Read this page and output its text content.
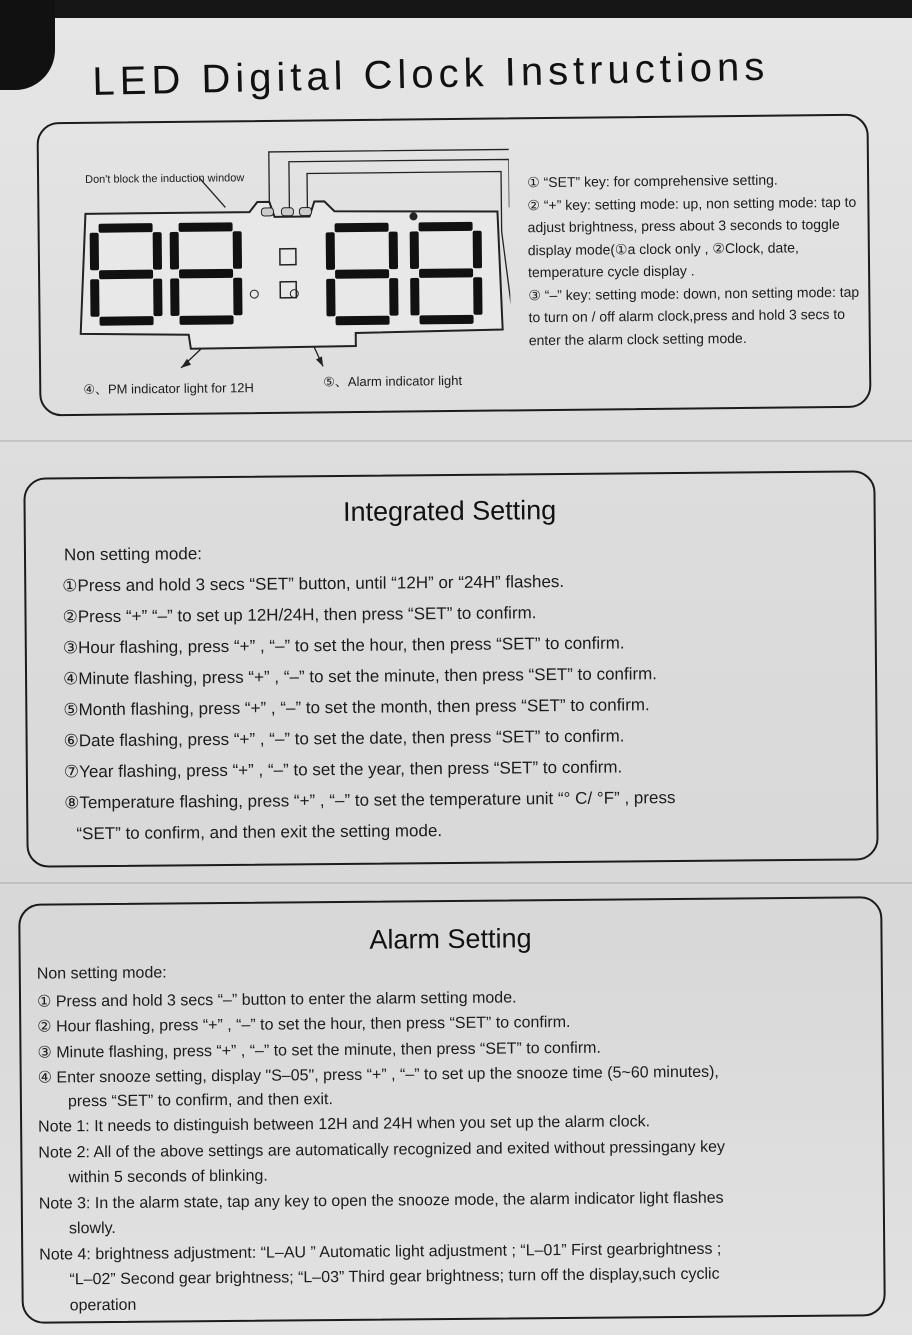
LED Digital Clock Instructions
Don't block the induction window
④、PM indicator light for 12H	⑤、Alarm indicator light

① “SET” key: for comprehensive setting.

② “+” key: setting mode: up, non setting mode: tap to adjust brightness, press about 3 seconds to toggle display mode(①a clock only , ②Clock, date, temperature cycle display .

③ “–” key: setting mode: down, non setting mode: tap to turn on / off alarm clock,press and hold 3 secs to enter the alarm clock setting mode.

Integrated Setting
Non setting mode:
①Press and hold 3 secs “SET” button, until “12H” or “24H” flashes.
②Press “+” “–” to set up 12H/24H, then press “SET” to confirm.
③Hour flashing, press “+” , “–” to set the hour, then press “SET” to confirm.
④Minute flashing, press “+” , “–” to set the minute, then press “SET” to confirm.
⑤Month flashing, press “+” , “–” to set the month, then press “SET” to confirm.
⑥Date flashing, press “+” , “–” to set the date, then press “SET” to confirm.
⑦Year flashing, press “+” , “–” to set the year, then press “SET” to confirm.
⑧Temperature flashing, press “+” , “–” to set the temperature unit “° C/ °F” , press
“SET” to confirm, and then exit the setting mode.
Alarm Setting
Non setting mode:
① Press and hold 3 secs “–” button to enter the alarm setting mode.
② Hour flashing, press “+” , “–” to set the hour, then press “SET” to confirm.
③ Minute flashing, press “+” , “–” to set the minute, then press “SET” to confirm.
④ Enter snooze setting, display "S–05", press “+” , “–” to set up the snooze time (5~60 minutes),
press “SET” to confirm, and then exit.
Note 1: It needs to distinguish between 12H and 24H when you set up the alarm clock.
Note 2: All of the above settings are automatically recognized and exited without pressingany key
within 5 seconds of blinking.
Note 3: In the alarm state, tap any key to open the snooze mode, the alarm indicator light flashes
slowly.
Note 4: brightness adjustment: “L–AU ” Automatic light adjustment ; “L–01” First gearbrightness ;
“L–02” Second gear brightness; “L–03” Third gear brightness; turn off the display,such cyclic
operation
